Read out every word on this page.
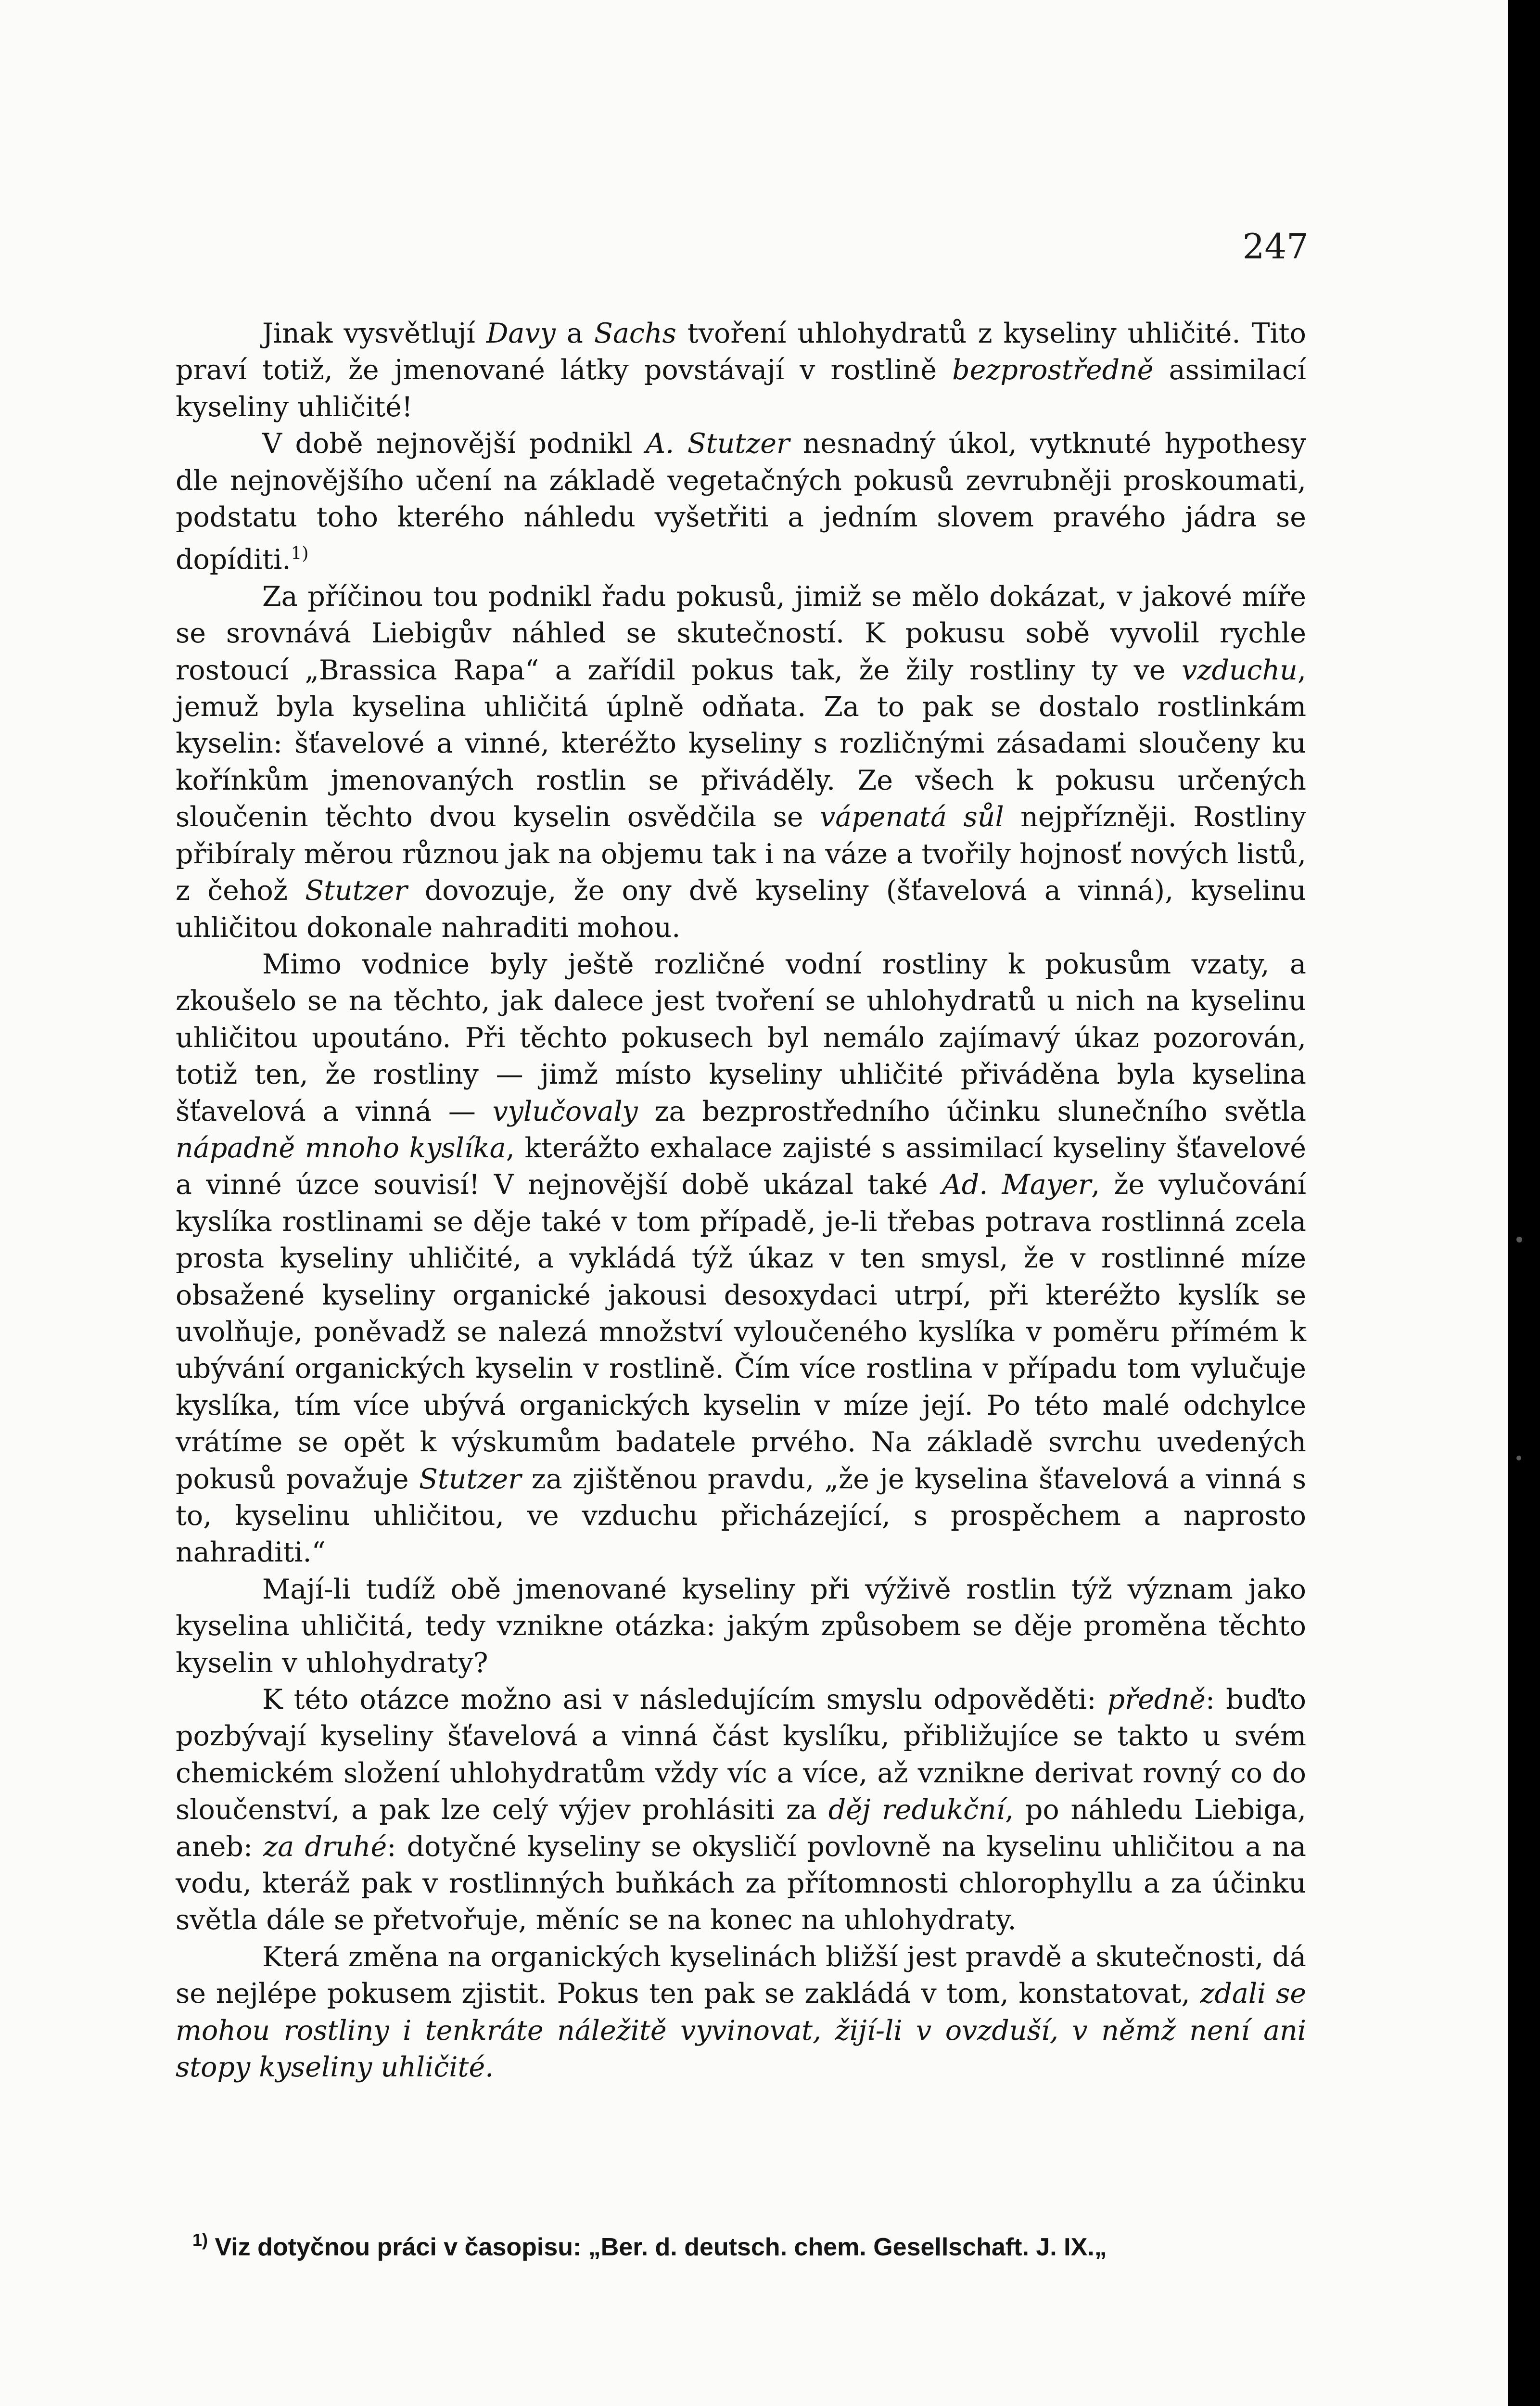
247

Jinak vysvětlují Davy a Sachs tvoření uhlohydratů z kyseliny uhličité. Tito praví totiž, že jmenované látky povstávají v rostlině bezprostředně assimilací kyseliny uhličité!

V době nejnovější podnikl A. Stutzer nesnadný úkol, vytknuté hypothesy dle nejnovějšího učení na základě vegetačných pokusů zevrubněji proskoumati, podstatu toho kterého náhledu vyšetřiti a jedním slovem pravého jádra se dopíditi.$^{1)}$

Za příčinou tou podnikl řadu pokusů, jimiž se mělo dokázat, v jakové míře se srovnává Liebigův náhled se skutečností. K pokusu sobě vyvolil rychle rostoucí „Brassica Rapa“ a zařídil pokus tak, že žily rostliny ty ve vzduchu, jemuž byla kyselina uhličitá úplně odňata. Za to pak se dostalo rostlinkám kyselin: šťavelové a vinné, kteréžto kyseliny s rozličnými zásadami sloučeny ku kořínkům jmenovaných rostlin se přiváděly. Ze všech k pokusu určených sloučenin těchto dvou kyselin osvědčila se vápenatá sůl nejpřízněji. Rostliny přibíraly měrou různou jak na objemu tak i na váze a tvořily hojnosť nových listů, z čehož Stutzer dovozuje, že ony dvě kyseliny (šťavelová a vinná), kyselinu uhličitou dokonale nahraditi mohou.

Mimo vodnice byly ještě rozličné vodní rostliny k pokusům vzaty, a zkoušelo se na těchto, jak dalece jest tvoření se uhlohydratů u nich na kyselinu uhličitou upoutáno. Při těchto pokusech byl nemálo zajímavý úkaz pozorován, totiž ten, že rostliny — jimž místo kyseliny uhličité přiváděna byla kyselina šťavelová a vinná — vylučovaly za bezprostředního účinku slunečního světla nápadně mnoho kyslíka, kterážto exhalace zajisté s assimilací kyseliny šťavelové a vinné úzce souvisí! V nejnovější době ukázal také Ad. Mayer, že vylučování kyslíka rostlinami se děje také v tom případě, je-li třebas potrava rostlinná zcela prosta kyseliny uhličité, a vykládá týž úkaz v ten smysl, že v rostlinné míze obsažené kyseliny organické jakousi desoxydaci utrpí, při kteréžto kyslík se uvolňuje, poněvadž se nalezá množství vyloučeného kyslíka v poměru přímém k ubývání organických kyselin v rostlině. Čím více rostlina v případu tom vylučuje kyslíka, tím více ubývá organických kyselin v míze její. Po této malé odchylce vrátíme se opět k výskumům badatele prvého. Na základě svrchu uvedených pokusů považuje Stutzer za zjištěnou pravdu, „že je kyselina šťavelová a vinná s to, kyselinu uhličitou, ve vzduchu přicházející, s prospěchem a naprosto nahraditi.“

Mají-li tudíž obě jmenované kyseliny při výživě rostlin týž význam jako kyselina uhličitá, tedy vznikne otázka: jakým způsobem se děje proměna těchto kyselin v uhlohydraty?

K této otázce možno asi v následujícím smyslu odpověděti: předně: buďto pozbývají kyseliny šťavelová a vinná část kyslíku, přibližujíce se takto u svém chemickém složení uhlohydratům vždy víc a více, až vznikne derivat rovný co do sloučenství, a pak lze celý výjev prohlásiti za děj redukční, po náhledu Liebiga, aneb: za druhé: dotyčné kyseliny se okysličí povlovně na kyselinu uhličitou a na vodu, kteráž pak v rostlinných buňkách za přítomnosti chlorophyllu a za účinku světla dále se přetvořuje, měníc se na konec na uhlohydraty.

Která změna na organických kyselinách bližší jest pravdě a skutečnosti, dá se nejlépe pokusem zjistit. Pokus ten pak se zakládá v tom, konstatovat, zdali se mohou rostliny i tenkráte náležitě vyvinovat, žijí-li v ovzduší, v němž není ani stopy kyseliny uhličité.

$^{1)}$ Viz dotyčnou práci v časopisu: „Ber. d. deutsch. chem. Gesellschaft. J. IX.„
